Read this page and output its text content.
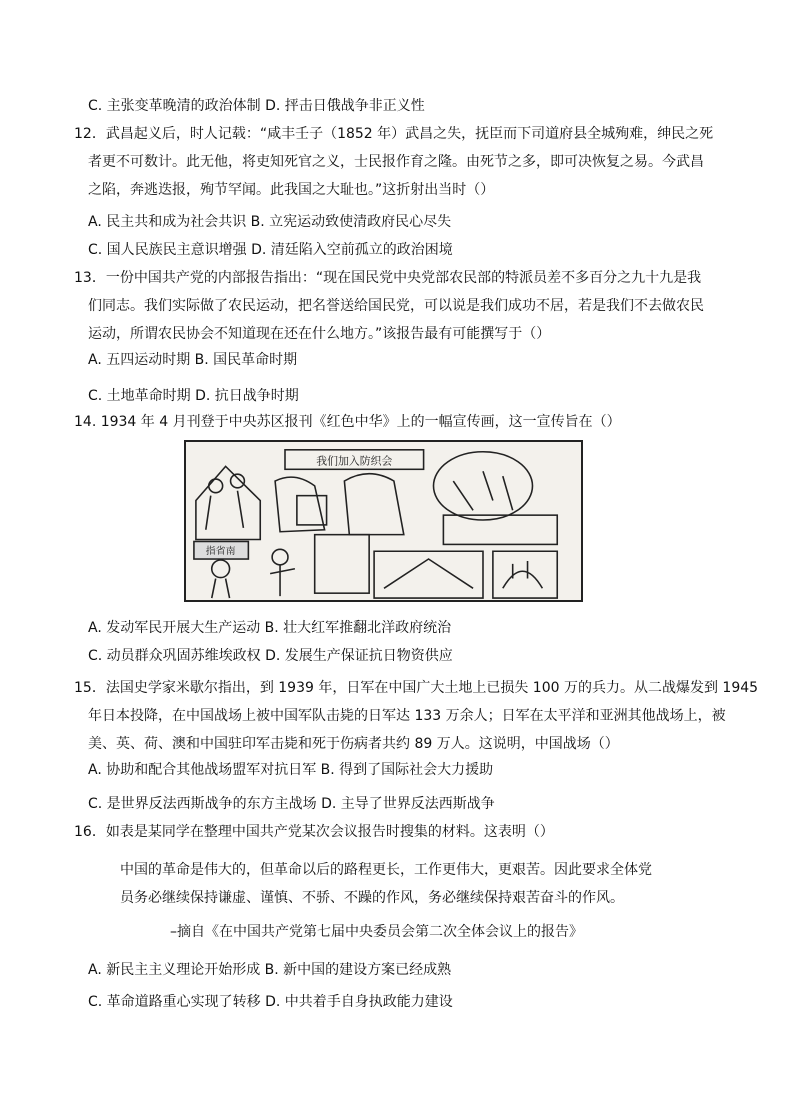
C. 主张变革晚清的政治体制 D. 抨击日俄战争非正义性
12．武昌起义后，时人记载：“咸丰壬子（1852 年）武昌之失，抚臣而下司道府县全城殉难，绅民之死
者更不可数计。此无他，将吏知死官之义，士民报作育之隆。由死节之多，即可决恢复之易。今武昌
之陷，奔逃迭报，殉节罕闻。此我国之大耻也。”这折射出当时（）
A. 民主共和成为社会共识 B. 立宪运动致使清政府民心尽失
C. 国人民族民主意识增强 D. 清廷陷入空前孤立的政治困境
13．一份中国共产党的内部报告指出：“现在国民党中央党部农民部的特派员差不多百分之九十九是我
们同志。我们实际做了农民运动，把名誉送给国民党，可以说是我们成功不居，若是我们不去做农民
运动，所谓农民协会不知道现在还在什么地方。”该报告最有可能撰写于（）
A. 五四运动时期 B. 国民革命时期
C. 土地革命时期 D. 抗日战争时期
14. 1934 年 4 月刊登于中央苏区报刊《红色中华》上的一幅宣传画，这一宣传旨在（）
我们加入防织会
指省南
A. 发动军民开展大生产运动 B. 壮大红军推翻北洋政府统治
C. 动员群众巩固苏维埃政权 D. 发展生产保证抗日物资供应
15．法国史学家米歇尔指出，到 1939 年，日军在中国广大土地上已损失 100 万的兵力。从二战爆发到 1945
年日本投降，在中国战场上被中国军队击毙的日军达 133 万余人；日军在太平洋和亚洲其他战场上，被
美、英、荷、澳和中国驻印军击毙和死于伤病者共约 89 万人。这说明，中国战场（）
A. 协助和配合其他战场盟军对抗日军 B. 得到了国际社会大力援助
C. 是世界反法西斯战争的东方主战场 D. 主导了世界反法西斯战争
16．如表是某同学在整理中国共产党某次会议报告时搜集的材料。这表明（）
中国的革命是伟大的，但革命以后的路程更长，工作更伟大，更艰苦。因此要求全体党
员务必继续保持谦虚、谨慎、不骄、不躁的作风，务必继续保持艰苦奋斗的作风。
–摘自《在中国共产党第七届中央委员会第二次全体会议上的报告》
A. 新民主主义理论开始形成 B. 新中国的建设方案已经成熟
C. 革命道路重心实现了转移 D. 中共着手自身执政能力建设
